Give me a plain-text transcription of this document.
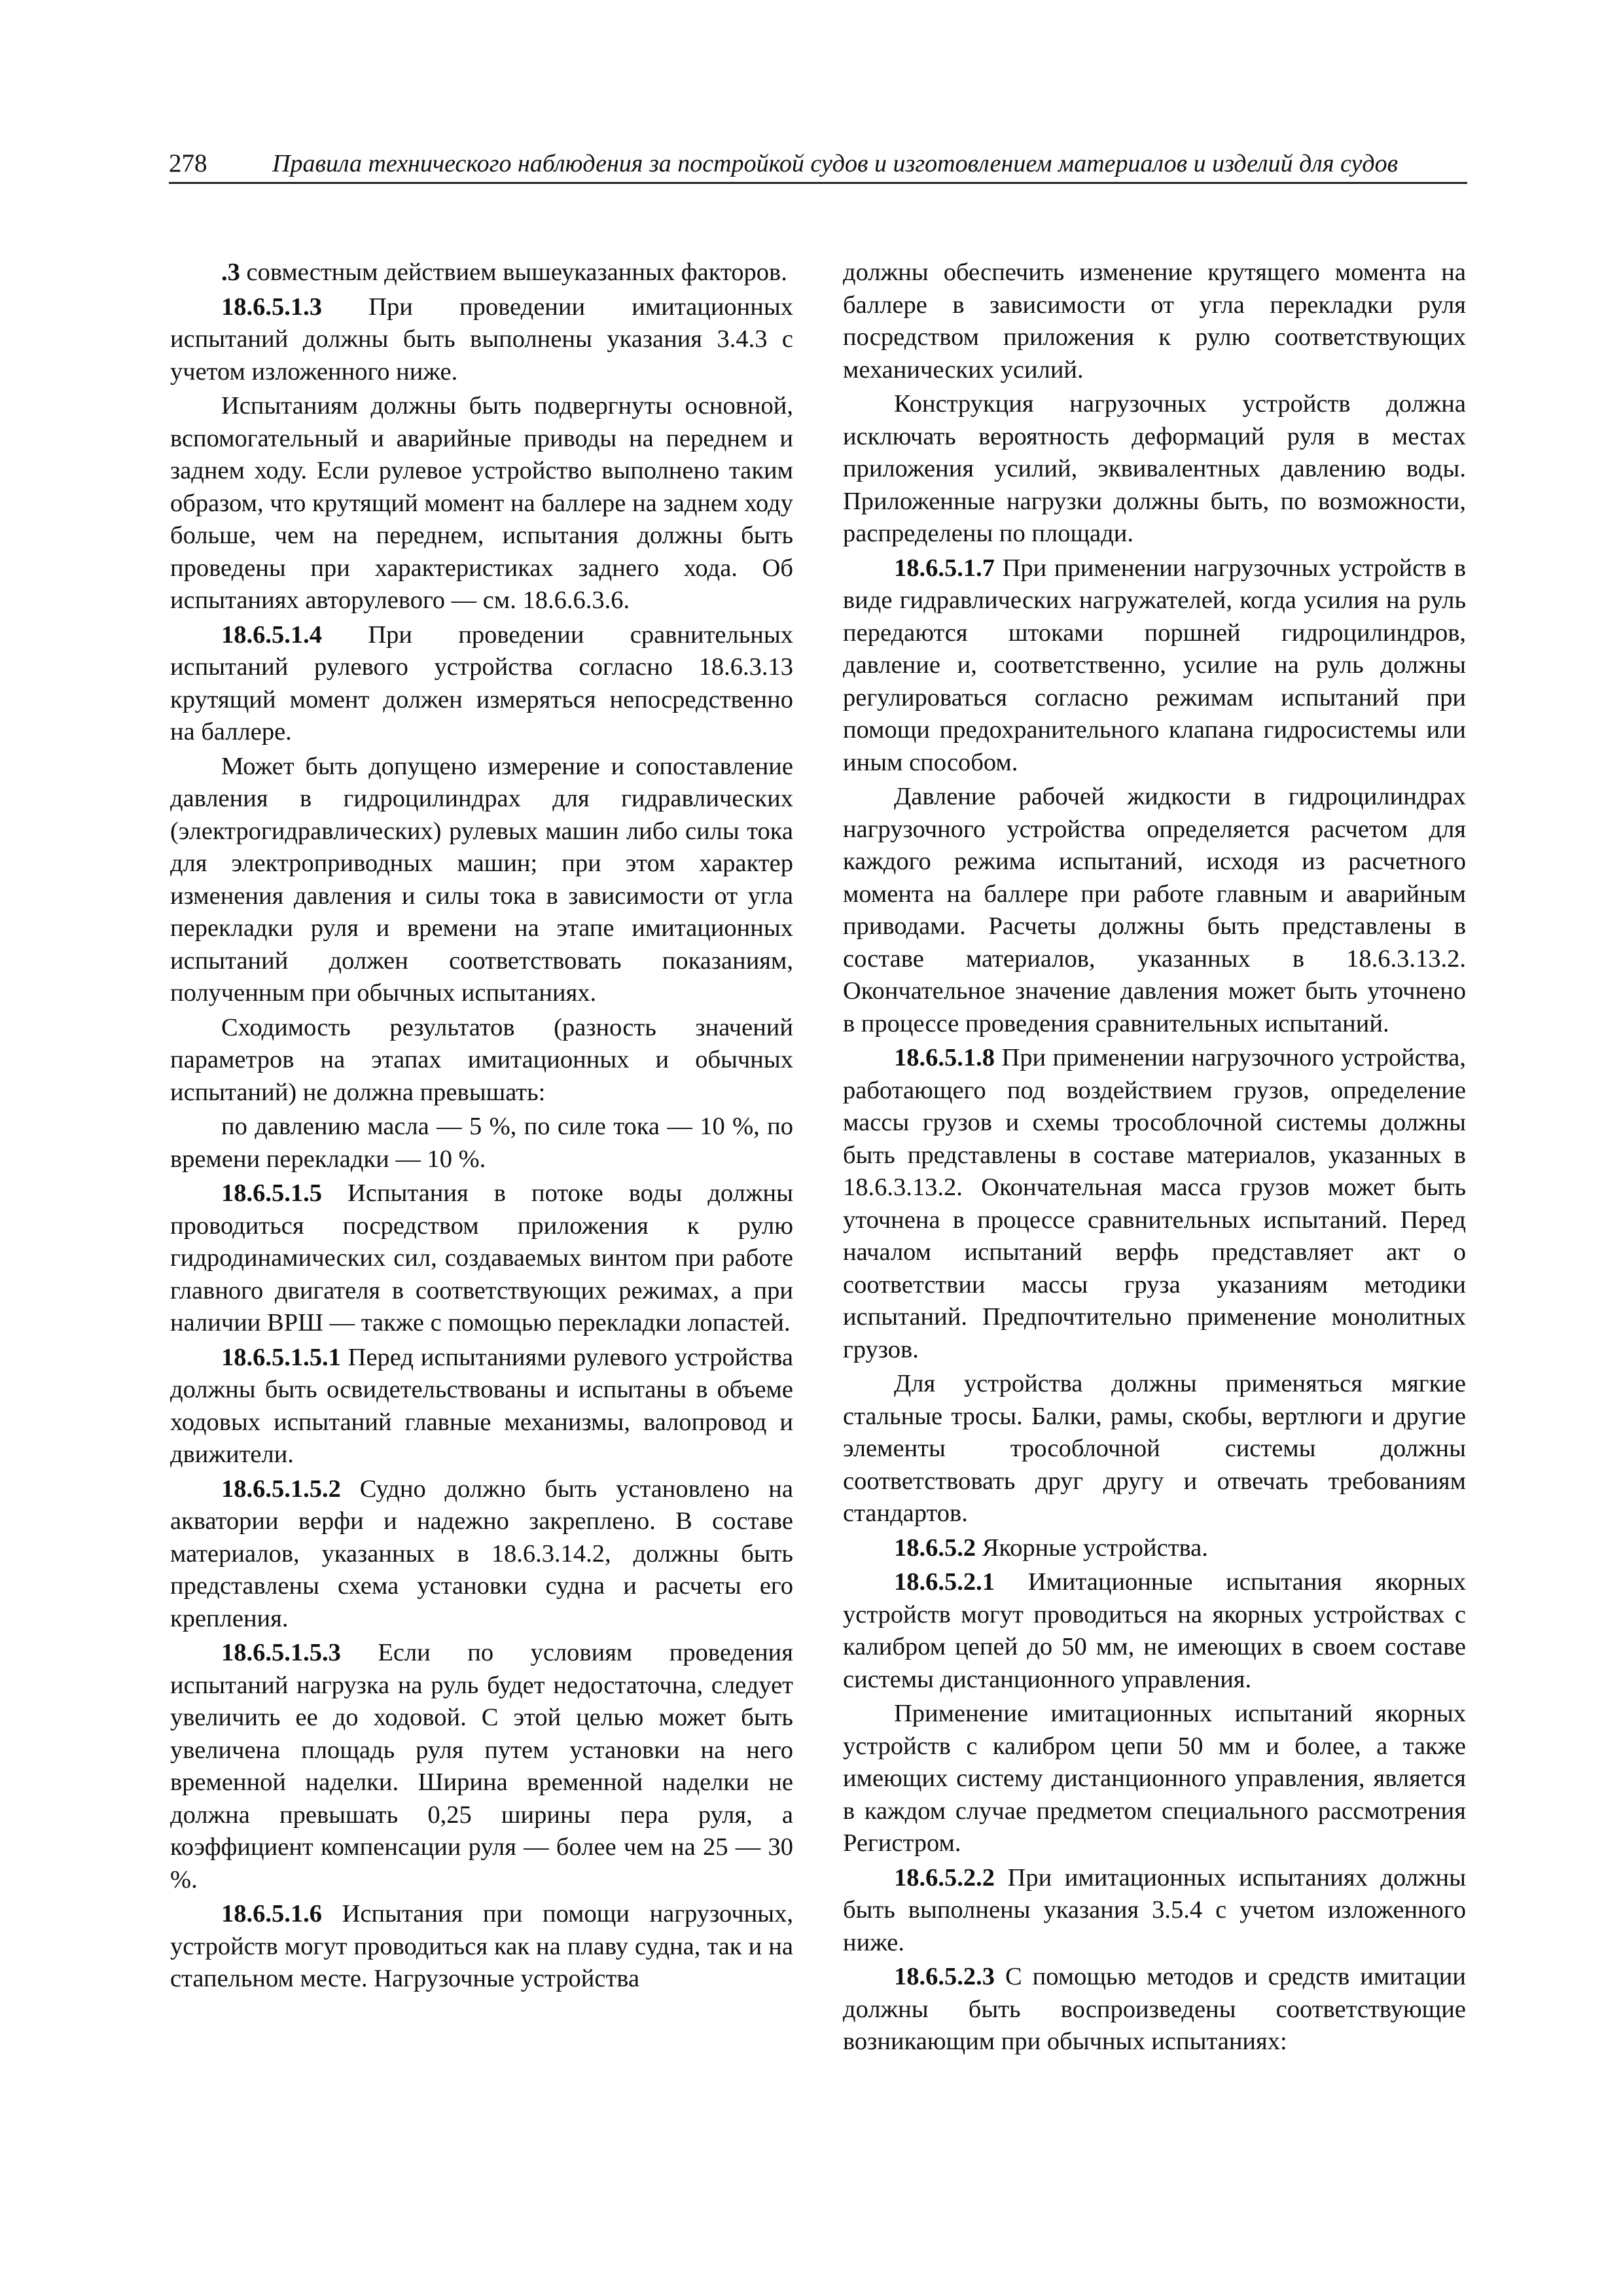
278	Правила технического наблюдения за постройкой судов и изготовлением материалов и изделий для судов

.3 совместным действием вышеуказанных факторов.

18.6.5.1.3 При проведении имитационных испытаний должны быть выполнены указания 3.4.3 с учетом изложенного ниже.

Испытаниям должны быть подвергнуты основной, вспомогательный и аварийные приводы на переднем и заднем ходу. Если рулевое устройство выполнено таким образом, что крутящий момент на баллере на заднем ходу больше, чем на переднем, испытания должны быть проведены при характеристиках заднего хода. Об испытаниях авторулевого — см. 18.6.6.3.6.

18.6.5.1.4 При проведении сравнительных испытаний рулевого устройства согласно 18.6.3.13 крутящий момент должен измеряться непосредственно на баллере.

Может быть допущено измерение и сопоставление давления в гидроцилиндрах для гидравлических (электрогидравлических) рулевых машин либо силы тока для электроприводных машин; при этом характер изменения давления и силы тока в зависимости от угла перекладки руля и времени на этапе имитационных испытаний должен соответствовать показаниям, полученным при обычных испытаниях.

Сходимость результатов (разность значений параметров на этапах имитационных и обычных испытаний) не должна превышать:

по давлению масла — 5 %, по силе тока — 10 %, по времени перекладки — 10 %.

18.6.5.1.5 Испытания в потоке воды должны проводиться посредством приложения к рулю гидродинамических сил, создаваемых винтом при работе главного двигателя в соответствующих режимах, а при наличии ВРШ — также с помощью перекладки лопастей.

18.6.5.1.5.1 Перед испытаниями рулевого устройства должны быть освидетельствованы и испытаны в объеме ходовых испытаний главные механизмы, валопровод и движители.

18.6.5.1.5.2 Судно должно быть установлено на акватории верфи и надежно закреплено. В составе материалов, указанных в 18.6.3.14.2, должны быть представлены схема установки судна и расчеты его крепления.

18.6.5.1.5.3 Если по условиям проведения испытаний нагрузка на руль будет недостаточна, следует увеличить ее до ходовой. С этой целью может быть увеличена площадь руля путем установки на него временной наделки. Ширина временной наделки не должна превышать 0,25 ширины пера руля, а коэффициент компенсации руля — более чем на 25 — 30 %.

18.6.5.1.6 Испытания при помощи нагрузочных, устройств могут проводиться как на плаву судна, так и на стапельном месте. Нагрузочные устройства

должны обеспечить изменение крутящего момента на баллере в зависимости от угла перекладки руля посредством приложения к рулю соответствующих механических усилий.

Конструкция нагрузочных устройств должна исключать вероятность деформаций руля в местах приложения усилий, эквивалентных давлению воды. Приложенные нагрузки должны быть, по возможности, распределены по площади.

18.6.5.1.7 При применении нагрузочных устройств в виде гидравлических нагружателей, когда усилия на руль передаются штоками поршней гидроцилиндров, давление и, соответственно, усилие на руль должны регулироваться согласно режимам испытаний при помощи предохранительного клапана гидросистемы или иным способом.

Давление рабочей жидкости в гидроцилиндрах нагрузочного устройства определяется расчетом для каждого режима испытаний, исходя из расчетного момента на баллере при работе главным и аварийным приводами. Расчеты должны быть представлены в составе материалов, указанных в 18.6.3.13.2. Окончательное значение давления может быть уточнено в процессе проведения сравнительных испытаний.

18.6.5.1.8 При применении нагрузочного устройства, работающего под воздействием грузов, определение массы грузов и схемы трособлочной системы должны быть представлены в составе материалов, указанных в 18.6.3.13.2. Окончательная масса грузов может быть уточнена в процессе сравнительных испытаний. Перед началом испытаний верфь представляет акт о соответствии массы груза указаниям методики испытаний. Предпочтительно применение монолитных грузов.

Для устройства должны применяться мягкие стальные тросы. Балки, рамы, скобы, вертлюги и другие элементы трособлочной системы должны соответствовать друг другу и отвечать требованиям стандартов.

18.6.5.2 Якорные устройства.

18.6.5.2.1 Имитационные испытания якорных устройств могут проводиться на якорных устройствах с калибром цепей до 50 мм, не имеющих в своем составе системы дистанционного управления.

Применение имитационных испытаний якорных устройств с калибром цепи 50 мм и более, а также имеющих систему дистанционного управления, является в каждом случае предметом специального рассмотрения Регистром.

18.6.5.2.2 При имитационных испытаниях должны быть выполнены указания 3.5.4 с учетом изложенного ниже.

18.6.5.2.3 С помощью методов и средств имитации должны быть воспроизведены соответствующие возникающим при обычных испытаниях:
